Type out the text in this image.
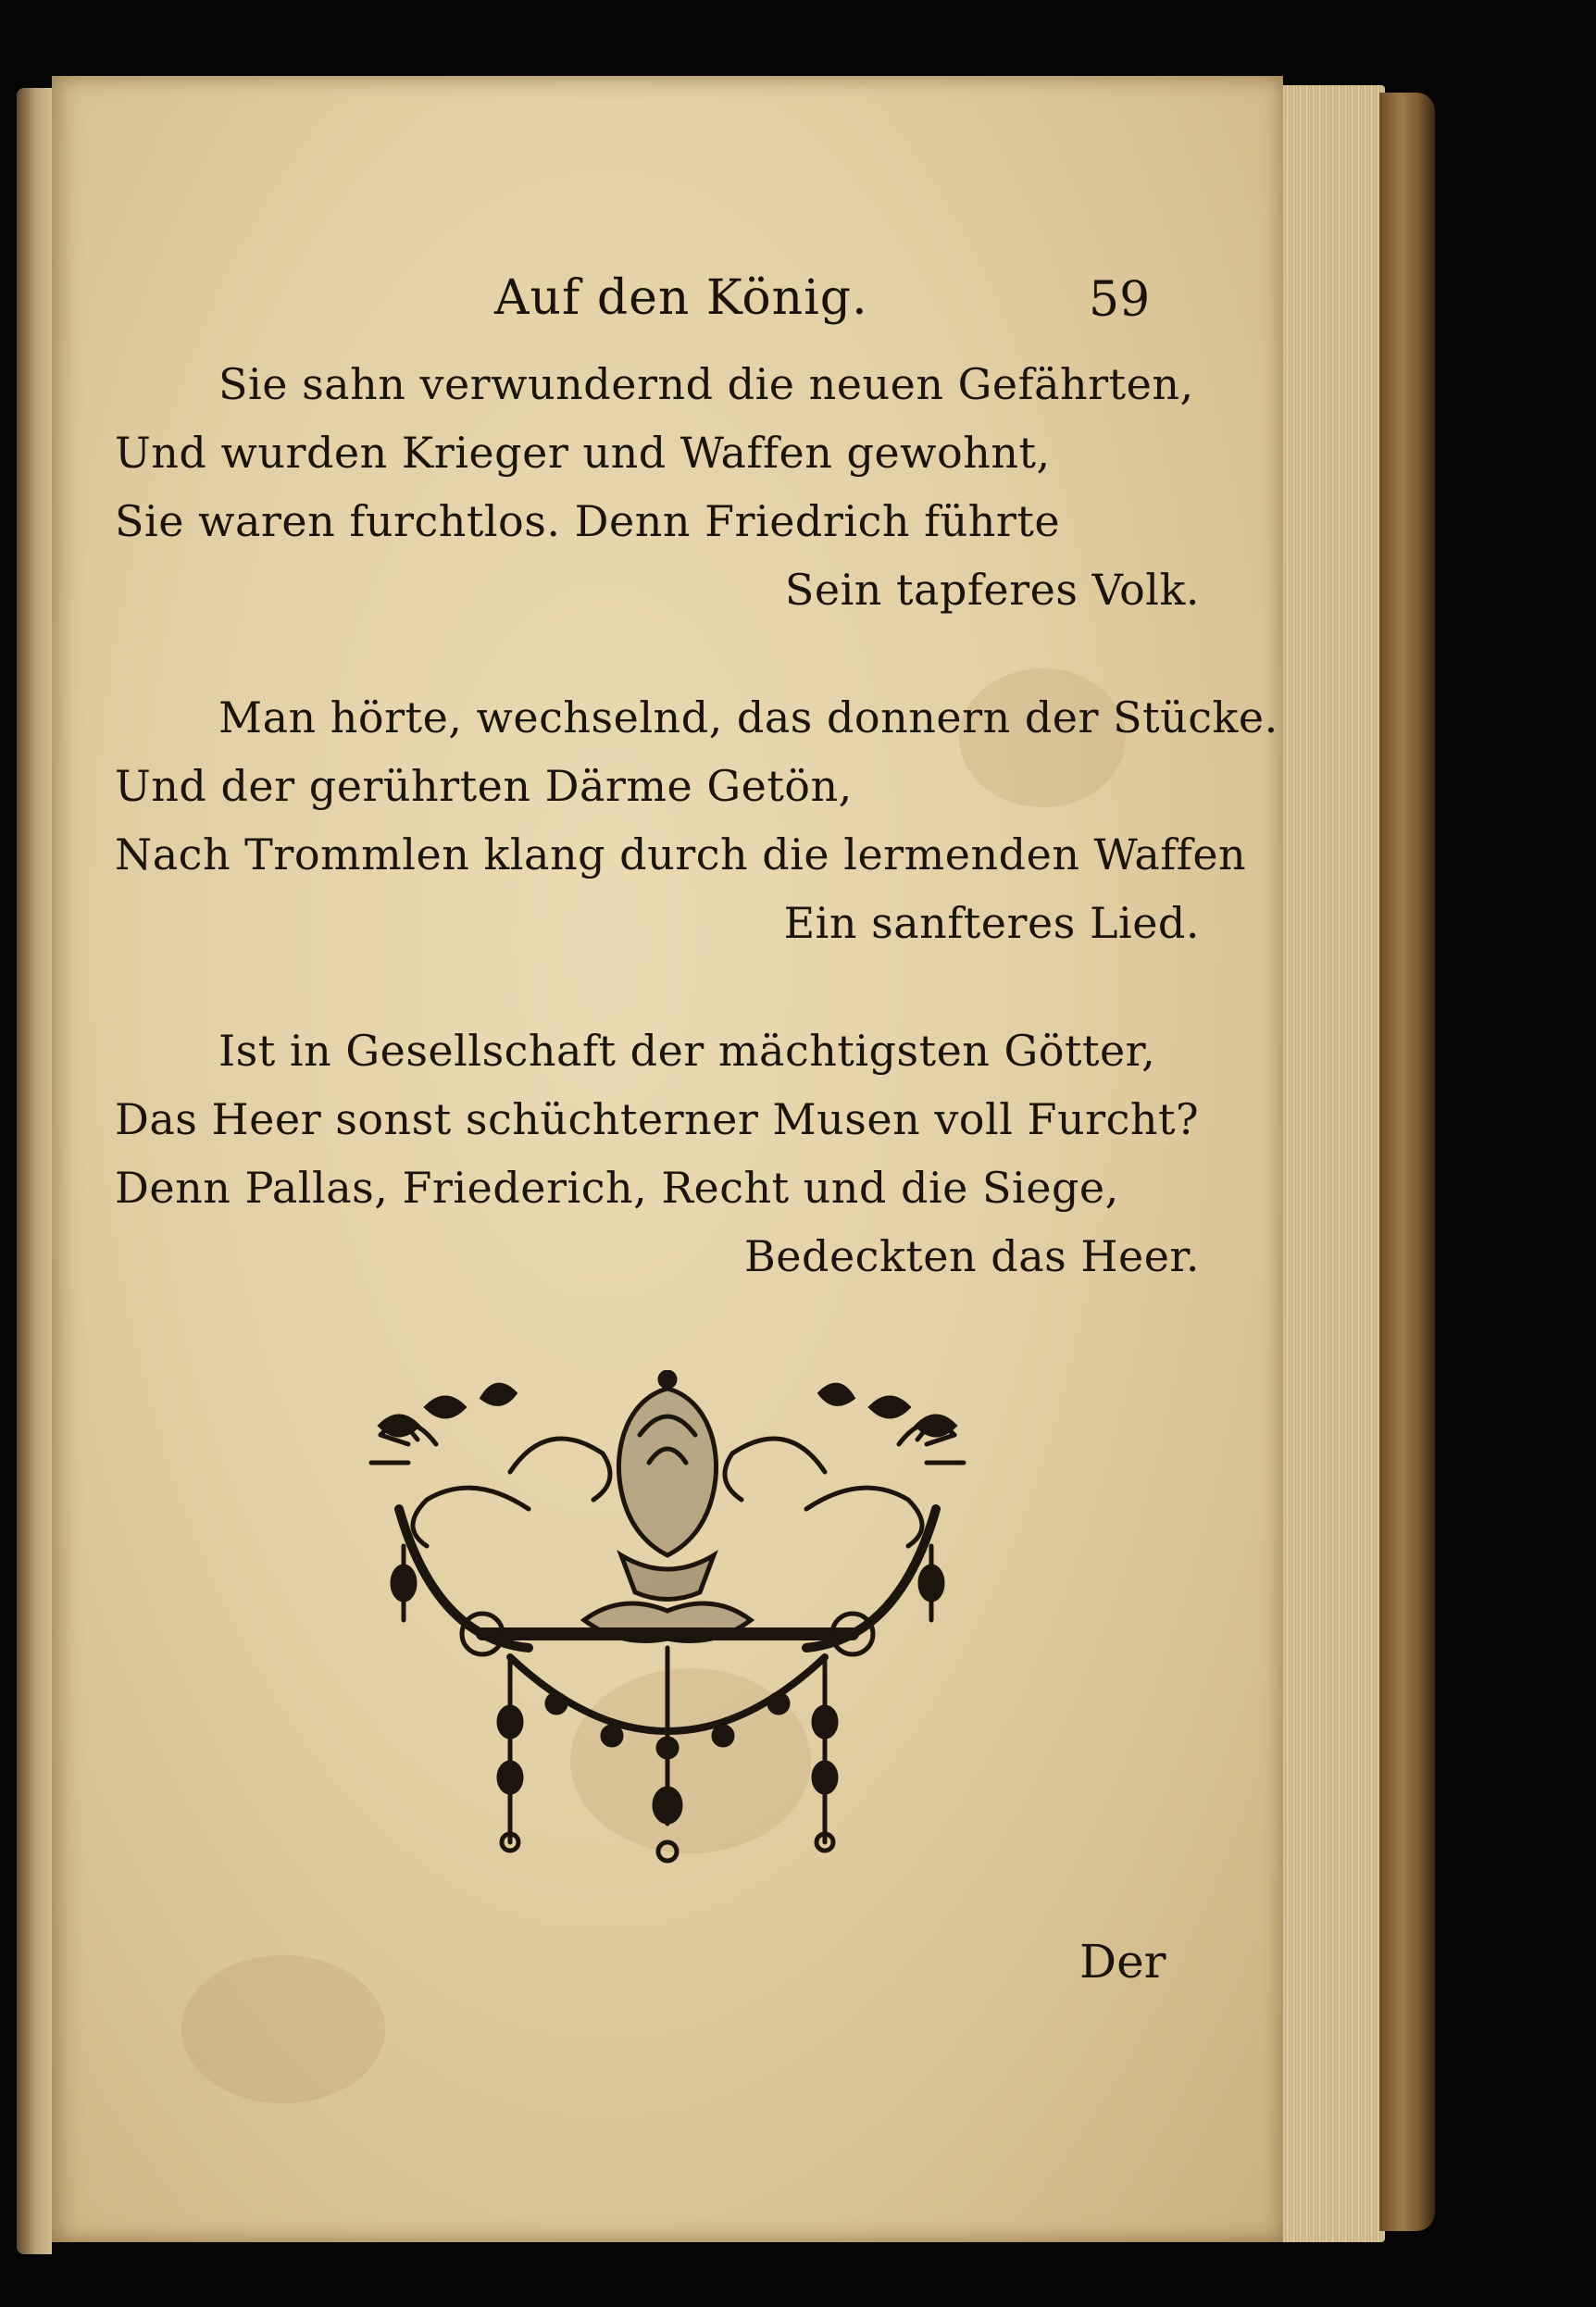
Auf den König.	59
Sie sahn verwundernd die neuen Gefährten,
Und wurden Krieger und Waffen gewohnt,
Sie waren furchtlos. Denn Friedrich führte
Sein tapferes Volk.
Man hörte, wechselnd, das donnern der Stücke.
Und der gerührten Därme Getön,
Nach Trommlen klang durch die lermenden Waffen
Ein sanfteres Lied.
Ist in Gesellschaft der mächtigsten Götter,
Das Heer sonst schüchterner Musen voll Furcht?
Denn Pallas, Friederich, Recht und die Siege,
Bedeckten das Heer.
Der
